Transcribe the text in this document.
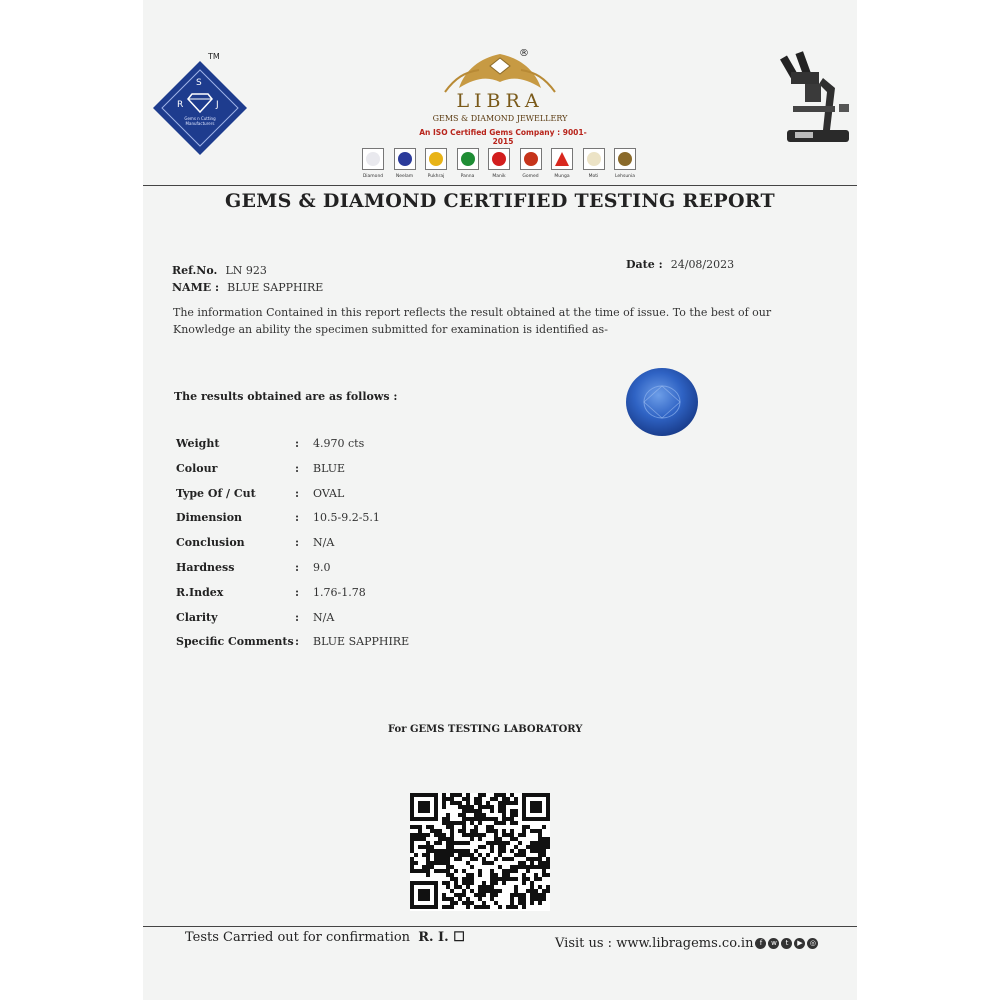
TM
S
R	J
Gems n Cutting Manufacturers
®
LIBRA
GEMS & DIAMOND JEWELLERY
An ISO Certified Gems Company : 9001-2015
Diamond	Neelam	Pukhraj	Panna	Manik	Gomed	Munga	Moti	Lehsunia
GEMS & DIAMOND CERTIFIED TESTING REPORT
Ref.No. LN 923
NAME : BLUE SAPPHIRE
Date : 24/08/2023
The information Contained in this report reflects the result obtained at the time of issue. To the best of our
Knowledge an ability the specimen submitted for examination is identified as-
The results obtained are as follows :
Weight	: 4.970 cts
Colour	: BLUE
Type Of / Cut	: OVAL
Dimension	: 10.5-9.2-5.1
Conclusion	: N/A
Hardness	: 9.0
R.Index	: 1.76-1.78
Clarity	: N/A
Specific Comments : BLUE SAPPHIRE
For GEMS TESTING LABORATORY
Tests Carried out for confirmation R. I. ☐	Visit us : www.libragems.co.in f w t ▶ ◎
